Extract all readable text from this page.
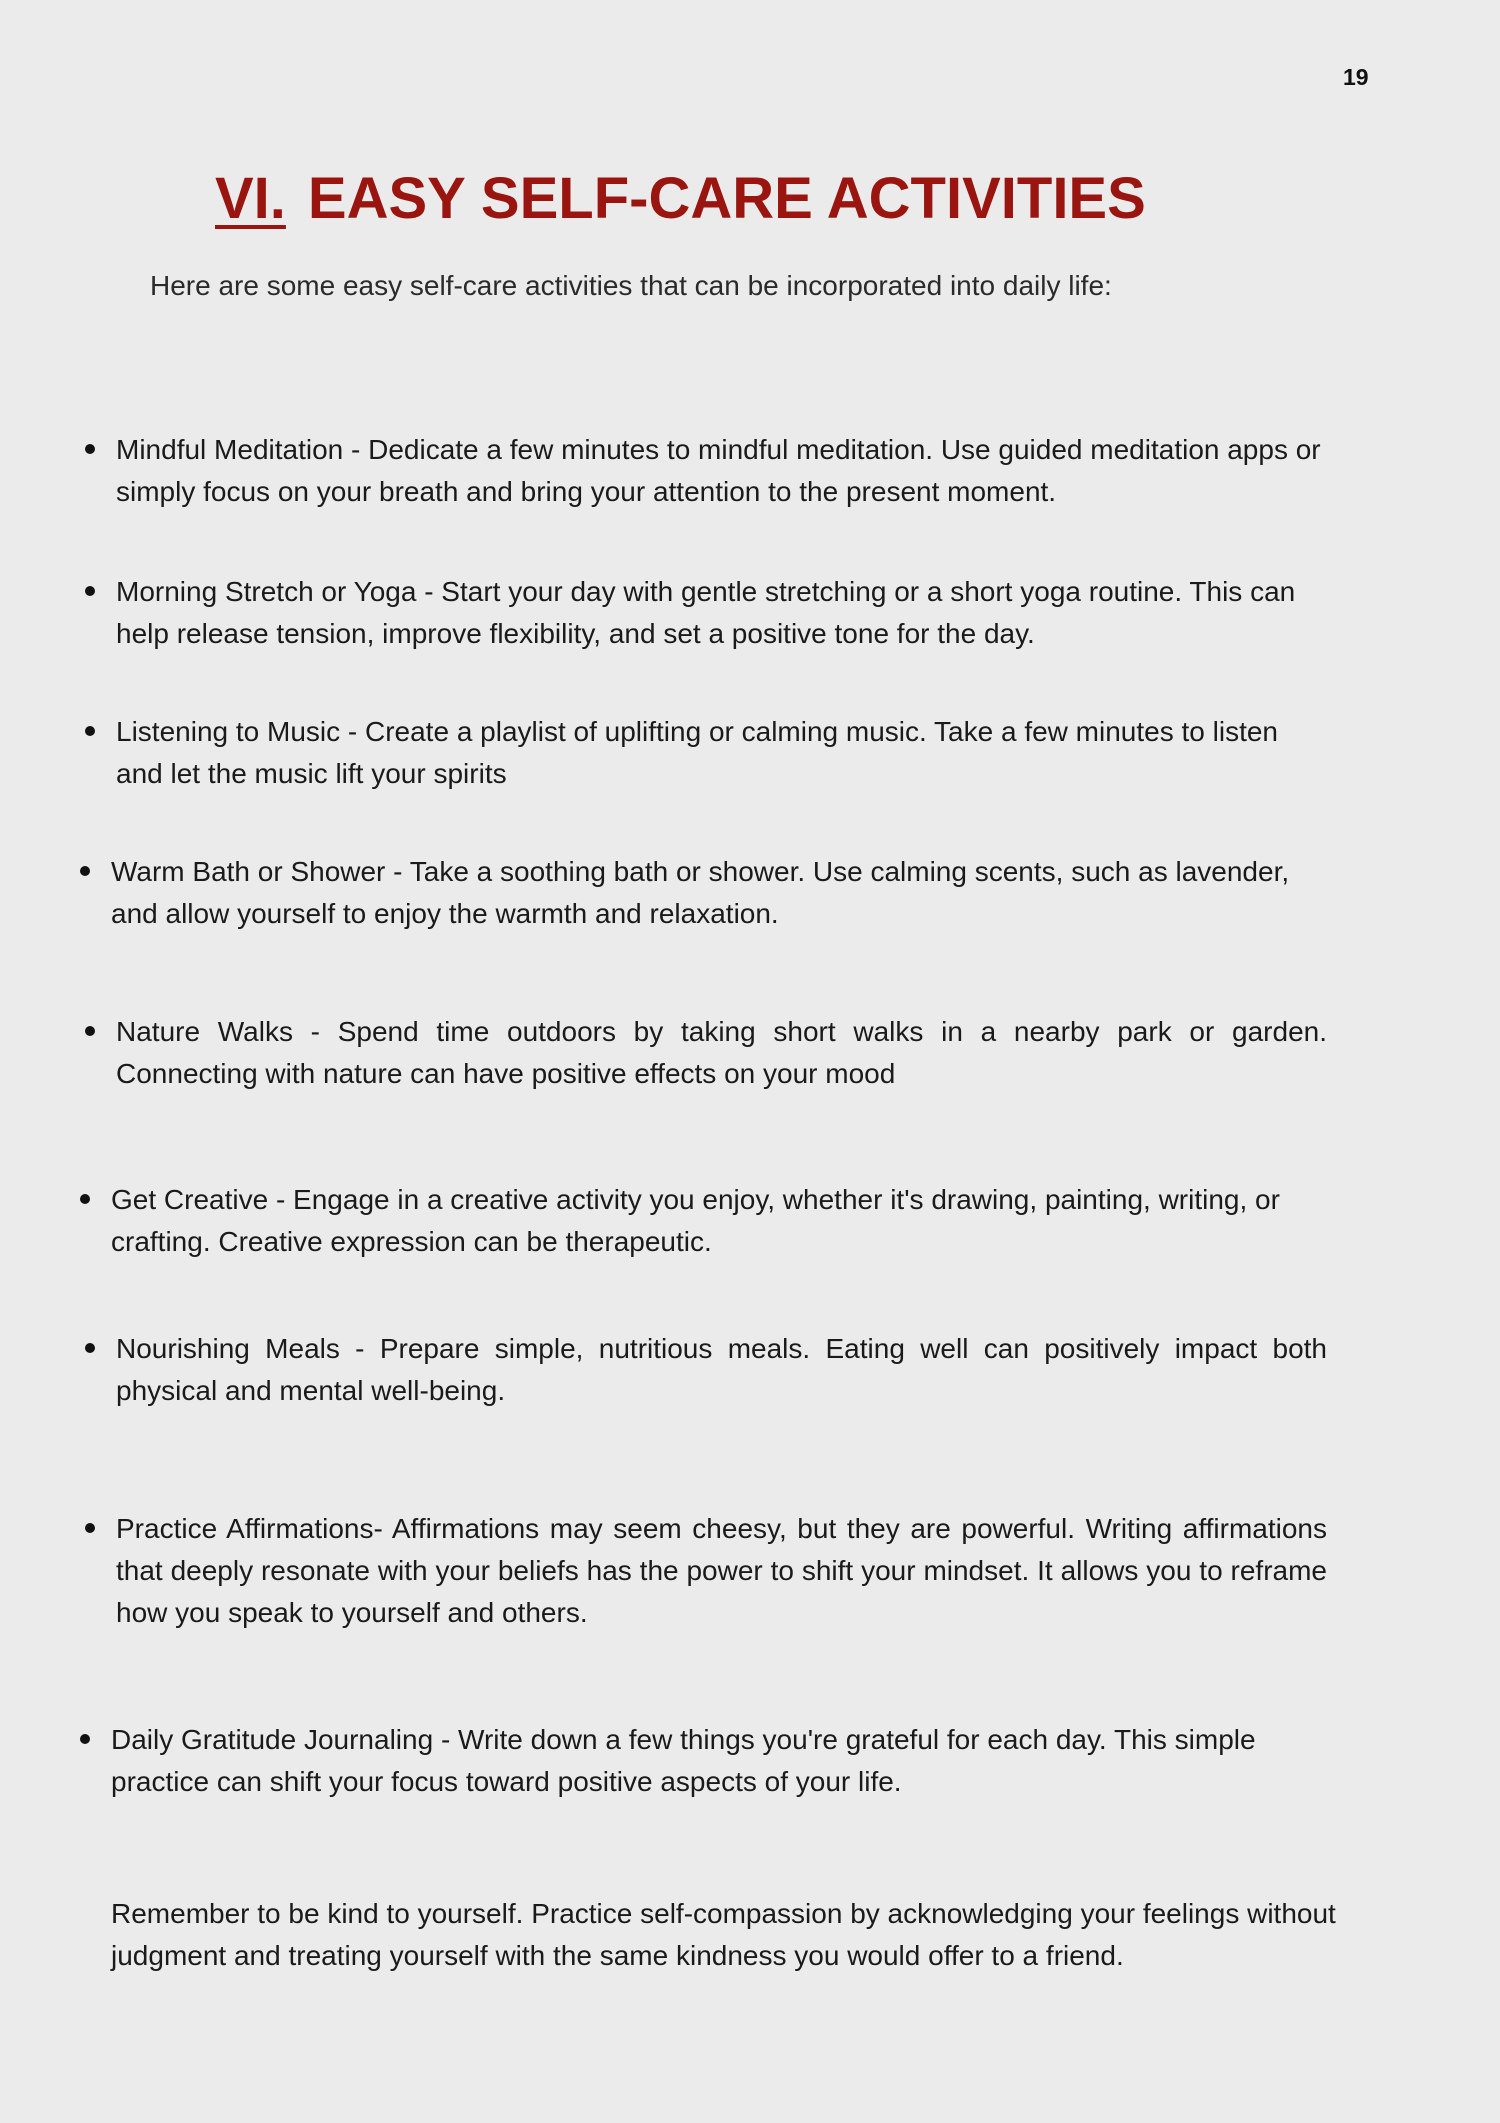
19
VI. EASY SELF-CARE ACTIVITIES

Here are some easy self-care activities that can be incorporated into daily life:

Mindful Meditation - Dedicate a few minutes to mindful meditation. Use guided meditation apps or simply focus on your breath and bring your attention to the present moment.

Morning Stretch or Yoga - Start your day with gentle stretching or a short yoga routine. This can help release tension, improve flexibility, and set a positive tone for the day.

Listening to Music - Create a playlist of uplifting or calming music. Take a few minutes to listen and let the music lift your spirits

Warm Bath or Shower - Take a soothing bath or shower. Use calming scents, such as lavender, and allow yourself to enjoy the warmth and relaxation.

Nature Walks - Spend time outdoors by taking short walks in a nearby park or garden. Connecting with nature can have positive effects on your mood

Get Creative - Engage in a creative activity you enjoy, whether it's drawing, painting, writing, or crafting. Creative expression can be therapeutic.

Nourishing Meals - Prepare simple, nutritious meals. Eating well can positively impact both physical and mental well-being.

Practice Affirmations- Affirmations may seem cheesy, but they are powerful. Writing affirmations that deeply resonate with your beliefs has the power to shift your mindset. It allows you to reframe how you speak to yourself and others.

Daily Gratitude Journaling - Write down a few things you're grateful for each day. This simple practice can shift your focus toward positive aspects of your life.

Remember to be kind to yourself. Practice self-compassion by acknowledging your feelings without judgment and treating yourself with the same kindness you would offer to a friend.
